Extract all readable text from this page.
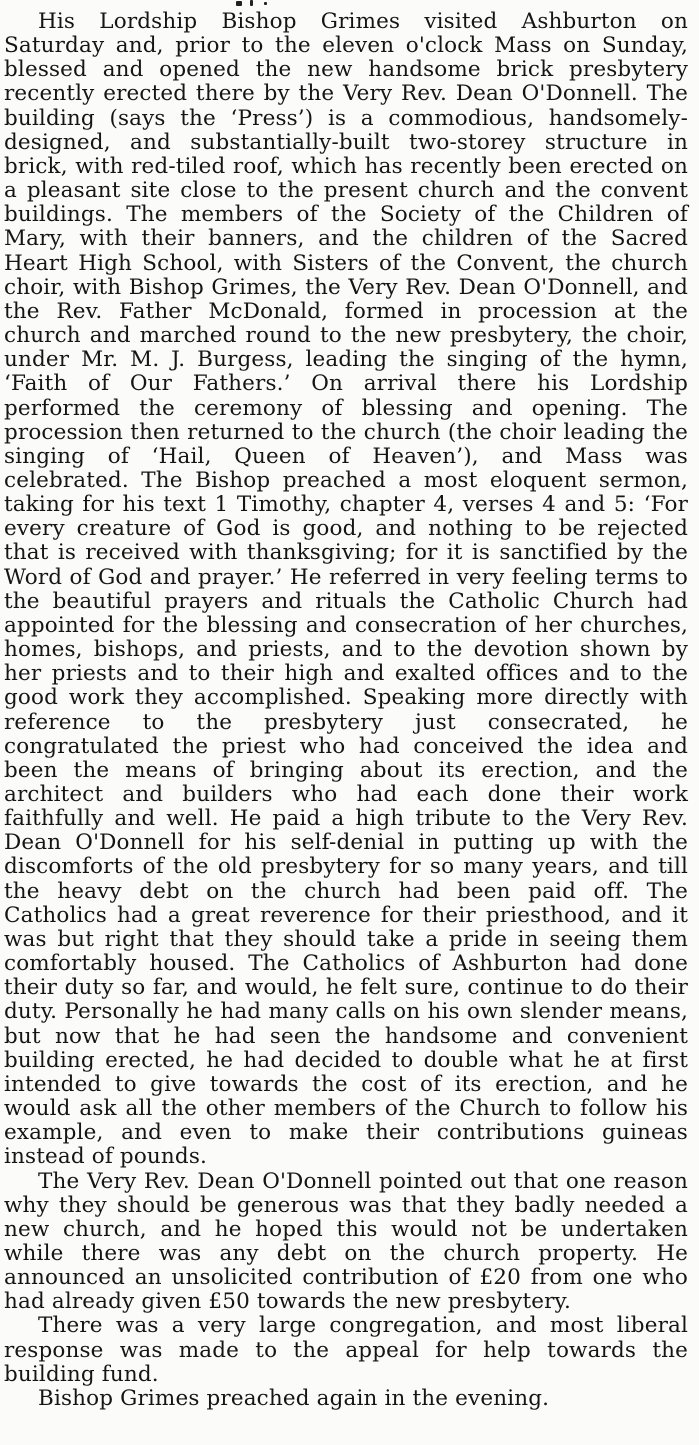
His Lordship Bishop Grimes visited Ashburton on Saturday and, prior to the eleven o'clock Mass on Sunday, blessed and opened the new handsome brick presbytery recently erected there by the Very Rev. Dean O'Donnell. The building (says the ‘Press’) is a commodious, handsomely-designed, and substantially-built two-storey structure in brick, with red-tiled roof, which has recently been erected on a pleasant site close to the present church and the convent buildings. The members of the Society of the Children of Mary, with their banners, and the children of the Sacred Heart High School, with Sisters of the Convent, the church choir, with Bishop Grimes, the Very Rev. Dean O'Donnell, and the Rev. Father McDonald, formed in procession at the church and marched round to the new presbytery, the choir, under Mr. M. J. Burgess, leading the singing of the hymn, ‘Faith of Our Fathers.’ On arrival there his Lordship performed the ceremony of blessing and opening. The procession then returned to the church (the choir leading the singing of ‘Hail, Queen of Heaven’), and Mass was celebrated. The Bishop preached a most eloquent sermon, taking for his text 1 Timothy, chapter 4, verses 4 and 5: ‘For every creature of God is good, and nothing to be rejected that is received with thanksgiving; for it is sanctified by the Word of God and prayer.’ He referred in very feeling terms to the beautiful prayers and rituals the Catholic Church had appointed for the blessing and consecration of her churches, homes, bishops, and priests, and to the devotion shown by her priests and to their high and exalted offices and to the good work they accomplished. Speaking more directly with reference to the presbytery just consecrated, he congratulated the priest who had conceived the idea and been the means of bringing about its erection, and the architect and builders who had each done their work faithfully and well. He paid a high tribute to the Very Rev. Dean O'Donnell for his self-denial in putting up with the discomforts of the old presbytery for so many years, and till the heavy debt on the church had been paid off. The Catholics had a great reverence for their priesthood, and it was but right that they should take a pride in seeing them comfortably housed. The Catholics of Ashburton had done their duty so far, and would, he felt sure, continue to do their duty. Personally he had many calls on his own slender means, but now that he had seen the handsome and convenient building erected, he had decided to double what he at first intended to give towards the cost of its erection, and he would ask all the other members of the Church to follow his example, and even to make their contributions guineas instead of pounds.

The Very Rev. Dean O'Donnell pointed out that one reason why they should be generous was that they badly needed a new church, and he hoped this would not be undertaken while there was any debt on the church property. He announced an unsolicited contribution of £20 from one who had already given £50 towards the new presbytery.

There was a very large congregation, and most liberal response was made to the appeal for help towards the building fund.

Bishop Grimes preached again in the evening.
